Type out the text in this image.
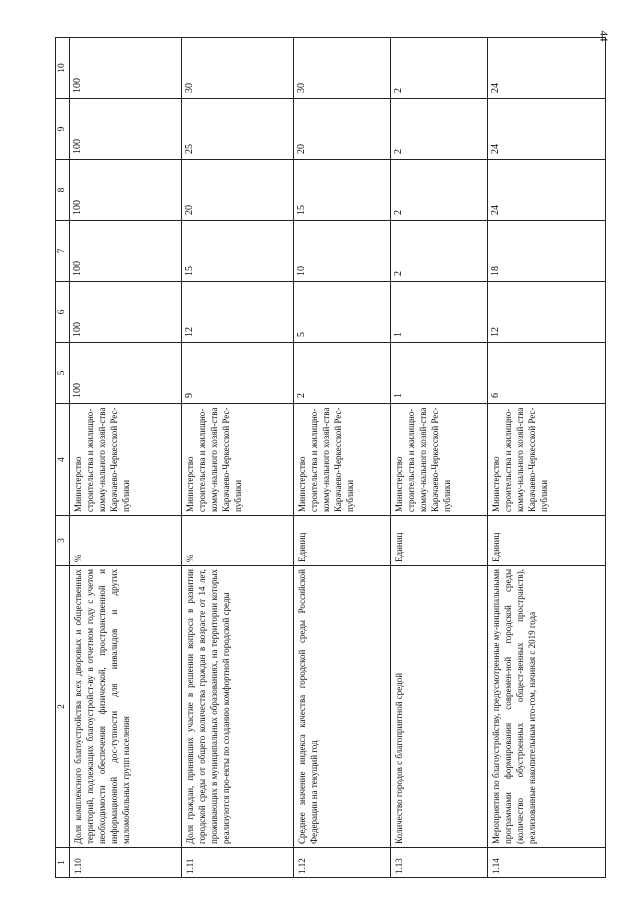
44
1	2	3	4	5	6	7	8	9	10
1.10	Доля комплексного благоустройства всех дворовых и общественных территорий, подлежащих благоустройст-ву в отчетном году с учетом необходимости обеспечения физической, пространственной и информационной дос-тупности для инвалидов и других маломобильных групп населения	%	Министерство строительства и жилищно-комму-нального хозяй-ства Карачаево-Черкесской Рес-публики	100	100	100	100	100	100
1.11	Доля граждан, принявших участие в решении вопроса в развитии городской среды от общего количества граждан в возрасте от 14 лет, проживающих в муниципальных образованиях, на территории которых реализуются про-екты по созданию комфортной городской среды	%	Министерство строительства и жилищно-комму-нального хозяй-ства Карачаево-Черкесской Рес-публики	9	12	15	20	25	30
1.12	Среднее значение индекса качества городской среды Российской Федерации на текущий год	Единиц	Министерство строительства и жилищно-комму-нального хозяй-ства Карачаево-Черкесской Рес-публики	2	5	10	15	20	30
1.13	Количество городов с благоприятной средой	Единиц	Министерство строительства и жилищно-комму-нального хозяй-ства Карачаево-Черкесской Рес-публики	1	1	2	2	2	2
1.14	Мероприятия по благоустройству, предусмотренные му-ниципальными программами формирования современ-ной городской среды (количество обустроенных общест-венных пространств), реализованные накопительным ито-гом, начиная с 2019 года	Единиц	Министерство строительства и жилищно-комму-нального хозяй-ства Карачаево-Черкесской Рес-публики	6	12	18	24	24	24
